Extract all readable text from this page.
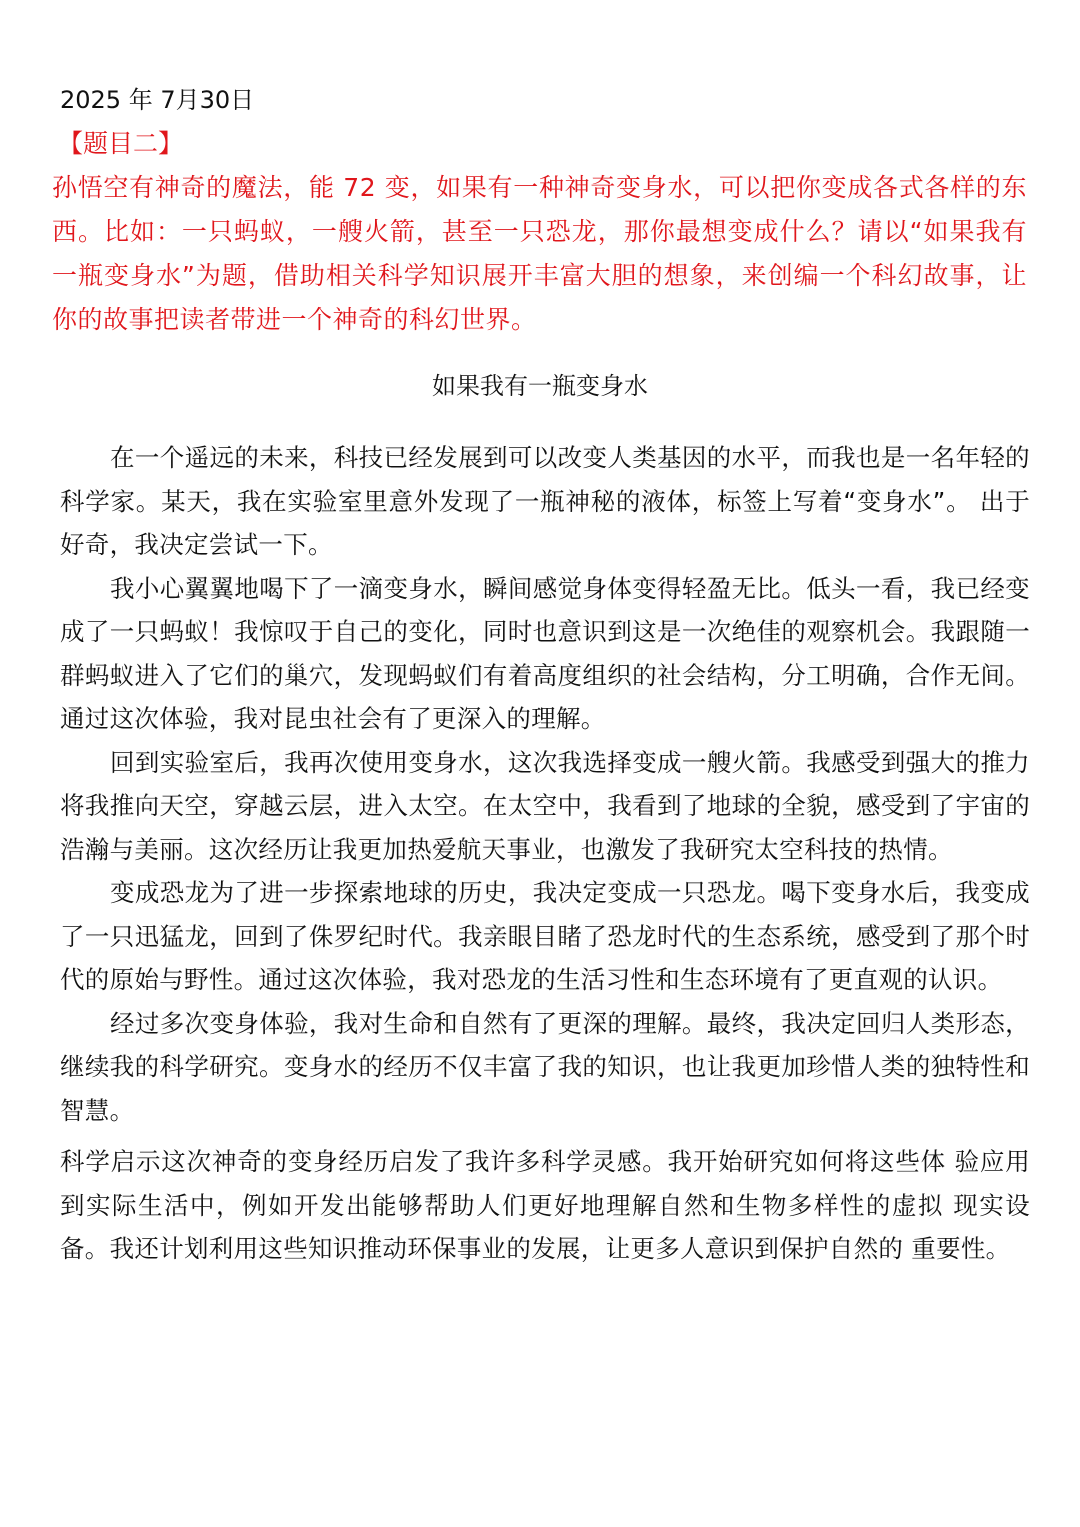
2025 年 7月30日
【题目二】

孙悟空有神奇的魔法，能 72 变，如果有一种神奇变身水，可以把你变成各式各样的东西。比如：一只蚂蚁，一艘火箭，甚至一只恐龙，那你最想变成什么？请以“如果我有一瓶变身水”为题，借助相关科学知识展开丰富大胆的想象，来创编一个科幻故事，让你的故事把读者带进一个神奇的科幻世界。

如果我有一瓶变身水

在一个遥远的未来，科技已经发展到可以改变人类基因的水平，而我也是一名年轻的科学家。某天，我在实验室里意外发现了一瓶神秘的液体，标签上写着“变身水”。 出于好奇，我决定尝试一下。

我小心翼翼地喝下了一滴变身水，瞬间感觉身体变得轻盈无比。低头一看，我已经变成了一只蚂蚁！我惊叹于自己的变化，同时也意识到这是一次绝佳的观察机会。我跟随一群蚂蚁进入了它们的巢穴，发现蚂蚁们有着高度组织的社会结构，分工明确，合作无间。通过这次体验，我对昆虫社会有了更深入的理解。

回到实验室后，我再次使用变身水，这次我选择变成一艘火箭。我感受到强大的推力将我推向天空，穿越云层，进入太空。在太空中，我看到了地球的全貌，感受到了宇宙的浩瀚与美丽。这次经历让我更加热爱航天事业，也激发了我研究太空科技的热情。

变成恐龙为了进一步探索地球的历史，我决定变成一只恐龙。喝下变身水后，我变成了一只迅猛龙，回到了侏罗纪时代。我亲眼目睹了恐龙时代的生态系统，感受到了那个时代的原始与野性。通过这次体验，我对恐龙的生活习性和生态环境有了更直观的认识。

经过多次变身体验，我对生命和自然有了更深的理解。最终，我决定回归人类形态，继续我的科学研究。变身水的经历不仅丰富了我的知识，也让我更加珍惜人类的独特性和智慧。

科学启示这次神奇的变身经历启发了我许多科学灵感。我开始研究如何将这些体 验应用到实际生活中，例如开发出能够帮助人们更好地理解自然和生物多样性的虚拟 现实设备。我还计划利用这些知识推动环保事业的发展，让更多人意识到保护自然的 重要性。
